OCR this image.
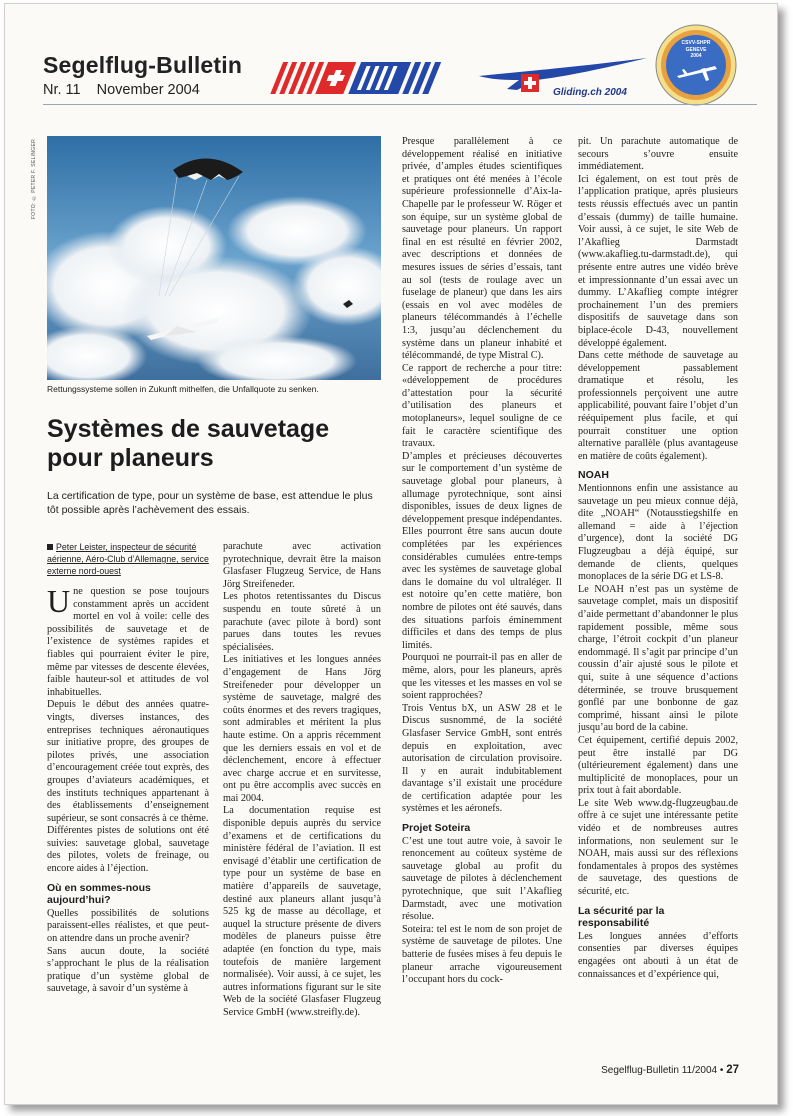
Segelflug-Bulletin
Nr. 11 November 2004	Gliding.ch 2004
CSVV-SHPR
GENEVE
2004
FOTO: © PETER F. SELINGER
Rettungssysteme sollen in Zukunft mithelfen, die Unfallquote zu senken.
Systèmes de sauvetage pour planeurs
La certification de type, pour un système de base, est attendue le plus tôt possible après l’achèvement des essais.

Peter Leister, inspecteur de sécurité aérienne, Aéro-Club d’Allemagne, service externe nord-ouest

Une question se pose toujours constamment après un accident mortel en vol à voile: celle des possibilités de sauvetage et de l’existence de systèmes rapides et fiables qui pourraient éviter le pire, même par vitesses de descente élevées, faible hauteur-sol et attitudes de vol inhabituelles.

Depuis le début des années quatre-vingts, diverses instances, des entreprises techniques aéronautiques sur initiative propre, des groupes de pilotes privés, une association d’encouragement créée tout exprès, des groupes d’aviateurs académiques, et des instituts techniques appartenant à des établissements d’enseignement supérieur, se sont consacrés à ce thème.

Différentes pistes de solutions ont été suivies: sauvetage global, sauvetage des pilotes, volets de freinage, ou encore aides à l’éjection.

Où en sommes-nous aujourd’hui?

Quelles possibilités de solutions paraissent-elles réalistes, et que peut-on attendre dans un proche avenir?

Sans aucun doute, la société s’approchant le plus de la réalisation pratique d’un système global de sauvetage, à savoir d’un système à

parachute avec activation pyrotechnique, devrait être la maison Glasfaser Flugzeug Service, de Hans Jörg Streifeneder.

Les photos retentissantes du Discus suspendu en toute sûreté à un parachute (avec pilote à bord) sont parues dans toutes les revues spécialisées.

Les initiatives et les longues années d’engagement de Hans Jörg Streifeneder pour développer un système de sauvetage, malgré des coûts énormes et des revers tragiques, sont admirables et méritent la plus haute estime. On a appris récemment que les derniers essais en vol et de déclenchement, encore à effectuer avec charge accrue et en survitesse, ont pu être accomplis avec succès en mai 2004.

La documentation requise est disponible depuis auprès du service d’examens et de certifications du ministère fédéral de l’aviation. Il est envisagé d’établir une certification de type pour un système de base en matière d’appareils de sauvetage, destiné aux planeurs allant jusqu’à 525 kg de masse au décollage, et auquel la structure présente de divers modèles de planeurs puisse être adaptée (en fonction du type, mais toutefois de manière largement normalisée). Voir aussi, à ce sujet, les autres informations figurant sur le site Web de la société Glasfaser Flugzeug Service GmbH (www.streifly.de).

Presque parallèlement à ce développement réalisé en initiative privée, d’amples études scientifiques et pratiques ont été menées à l’école supérieure professionnelle d’Aix-la-Chapelle par le professeur W. Röger et son équipe, sur un système global de sauvetage pour planeurs. Un rapport final en est résulté en février 2002, avec descriptions et données de mesures issues de séries d’essais, tant au sol (tests de roulage avec un fuselage de planeur) que dans les airs (essais en vol avec modèles de planeurs télécommandés à l’échelle 1:3, jusqu’au déclenchement du système dans un planeur inhabité et télécommandé, de type Mistral C).

Ce rapport de recherche a pour titre: «développement de procédures d’attestation pour la sécurité d’utilisation des planeurs et motoplaneurs», lequel souligne de ce fait le caractère scientifique des travaux.

D’amples et précieuses découvertes sur le comportement d’un système de sauvetage global pour planeurs, à allumage pyrotechnique, sont ainsi disponibles, issues de deux lignes de développement presque indépendantes. Elles pourront être sans aucun doute complétées par les expériences considérables cumulées entre-temps avec les systèmes de sauvetage global dans le domaine du vol ultraléger. Il est notoire qu’en cette matière, bon nombre de pilotes ont été sauvés, dans des situations parfois éminemment difficiles et dans des temps de plus limités.

Pourquoi ne pourrait-il pas en aller de même, alors, pour les planeurs, après que les vitesses et les masses en vol se soient rapprochées?

Trois Ventus bX, un ASW 28 et le Discus susnommé, de la société Glasfaser Service GmbH, sont entrés depuis en exploitation, avec autorisation de circulation provisoire. Il y en aurait indubitablement davantage s’il existait une procédure de certification adaptée pour les systèmes et les aéronefs.

Projet Soteira

C’est une tout autre voie, à savoir le renoncement au coûteux système de sauvetage global au profit du sauvetage de pilotes à déclenchement pyrotechnique, que suit l’Akaflieg Darmstadt, avec une motivation résolue.

Soteira: tel est le nom de son projet de système de sauvetage de pilotes. Une batterie de fusées mises à feu depuis le planeur arrache vigoureusement l’occupant hors du cock-

pit. Un parachute automatique de secours s’ouvre ensuite immédiatement.

Ici également, on est tout près de l’application pratique, après plusieurs tests réussis effectués avec un pantin d’essais (dummy) de taille humaine. Voir aussi, à ce sujet, le site Web de l’Akaflieg Darmstadt (www.akaflieg.tu-darmstadt.de), qui présente entre autres une vidéo brève et impressionnante d’un essai avec un dummy. L’Akaflieg compte intégrer prochainement l’un des premiers dispositifs de sauvetage dans son biplace-école D-43, nouvellement développé également.

Dans cette méthode de sauvetage au développement passablement dramatique et résolu, les professionnels perçoivent une autre applicabilité, pouvant faire l’objet d’un rééquipement plus facile, et qui pourrait constituer une option alternative parallèle (plus avantageuse en matière de coûts également).

NOAH

Mentionnons enfin une assistance au sauvetage un peu mieux connue déjà, dite „NOAH“ (Notausstiegshilfe en allemand = aide à l’éjection d’urgence), dont la société DG Flugzeugbau a déjà équipé, sur demande de clients, quelques monoplaces de la série DG et LS-8.

Le NOAH n’est pas un système de sauvetage complet, mais un dispositif d’aide permettant d’abandonner le plus rapidement possible, même sous charge, l’étroit cockpit d’un planeur endommagé. Il s’agit par principe d’un coussin d’air ajusté sous le pilote et qui, suite à une séquence d’actions déterminée, se trouve brusquement gonflé par une bonbonne de gaz comprimé, hissant ainsi le pilote jusqu’au bord de la cabine.

Cet équipement, certifié depuis 2002, peut être installé par DG (ultérieurement également) dans une multiplicité de monoplaces, pour un prix tout à fait abordable.

Le site Web www.dg-flugzeugbau.de offre à ce sujet une intéressante petite vidéo et de nombreuses autres informations, non seulement sur le NOAH, mais aussi sur des réflexions fondamentales à propos des systèmes de sauvetage, des questions de sécurité, etc.

La sécurité par la responsabilité

Les longues années d’efforts consenties par diverses équipes engagées ont abouti à un état de connaissances et d’expérience qui,

Segelflug-Bulletin 11/2004 • 27
